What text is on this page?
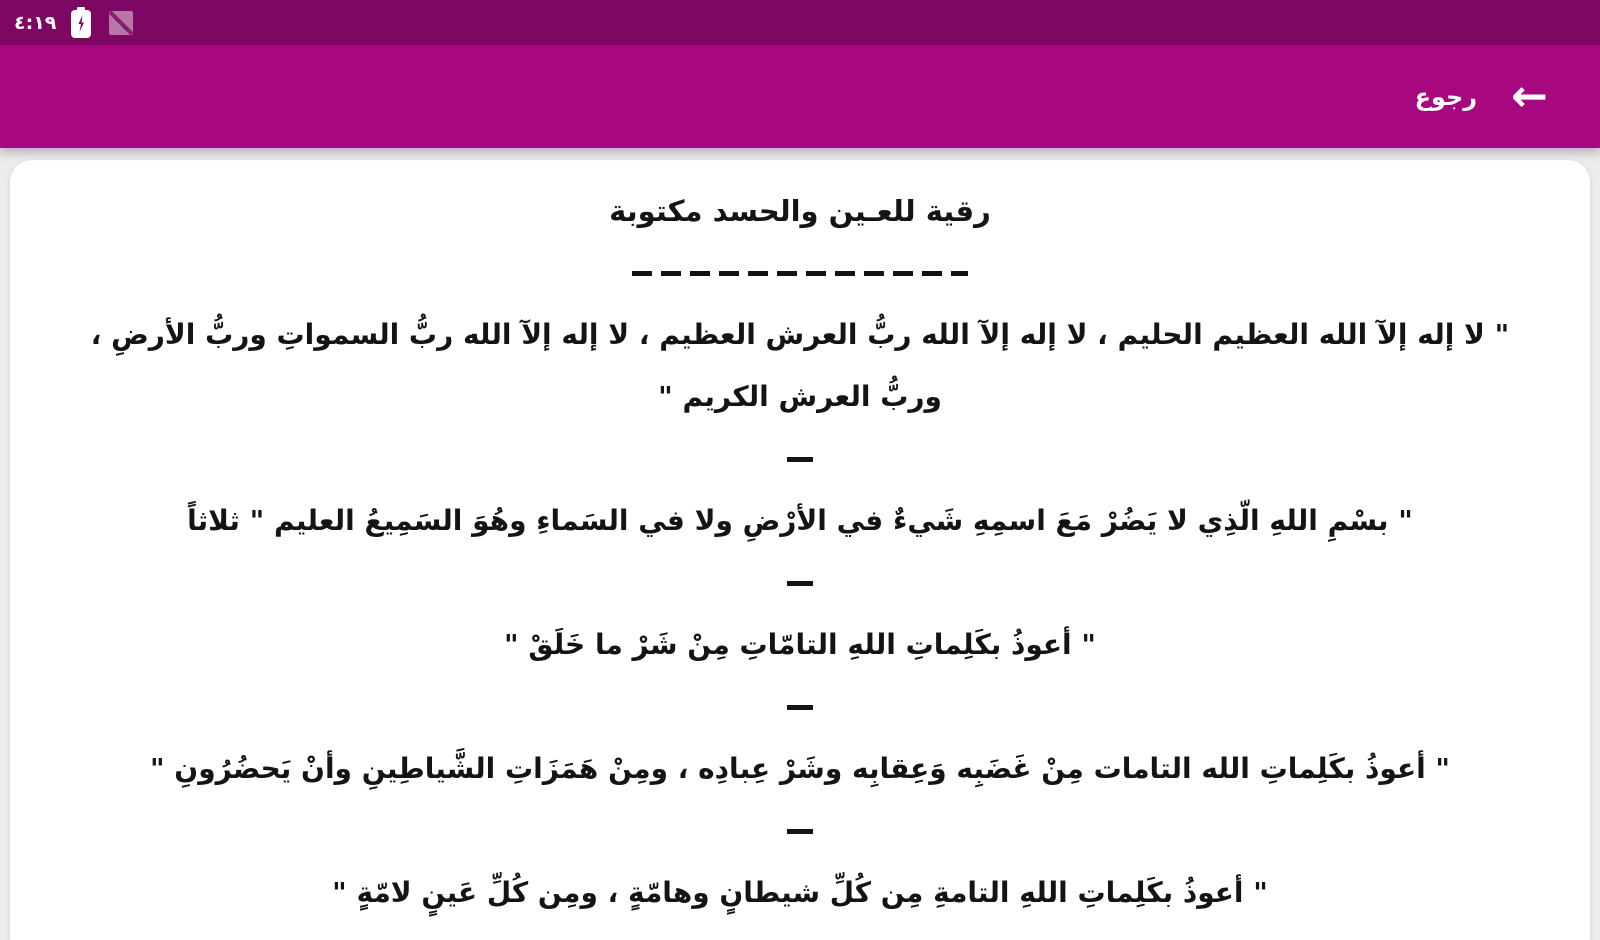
٤:١٩
←
رجوع
رقية للعـين والحسد مكتوبة
" لا إله إلآ الله العظيم الحليم ، لا إله إلآ الله ربُّ العرش العظيم ، لا إله إلآ الله ربُّ السمواتِ وربُّ الأرضِ ، وربُّ العرش الكريم "
" بسْمِ اللهِ الّذِي لا يَضُرْ مَعَ اسمِهِ شَيءٌ في الأرْضِ ولا في السَماءِ وهُوَ السَمِيعُ العليم " ثلاثاً
" أعوذُ بكَلِماتِ اللهِ التامّاتِ مِنْ شَرْ ما خَلَقْ "
" أعوذُ بكَلِماتِ الله التامات مِنْ غَضَبِه وَعِقابِه وشَرْ عِبادِه ، ومِنْ هَمَزَاتِ الشَّياطِينِ وأنْ يَحضُرُونِ "
" أعوذُ بكَلِماتِ اللهِ التامةِ مِن كُلِّ شيطانٍ وهامّةٍ ، ومِن كُلِّ عَينٍ لامّةٍ "
